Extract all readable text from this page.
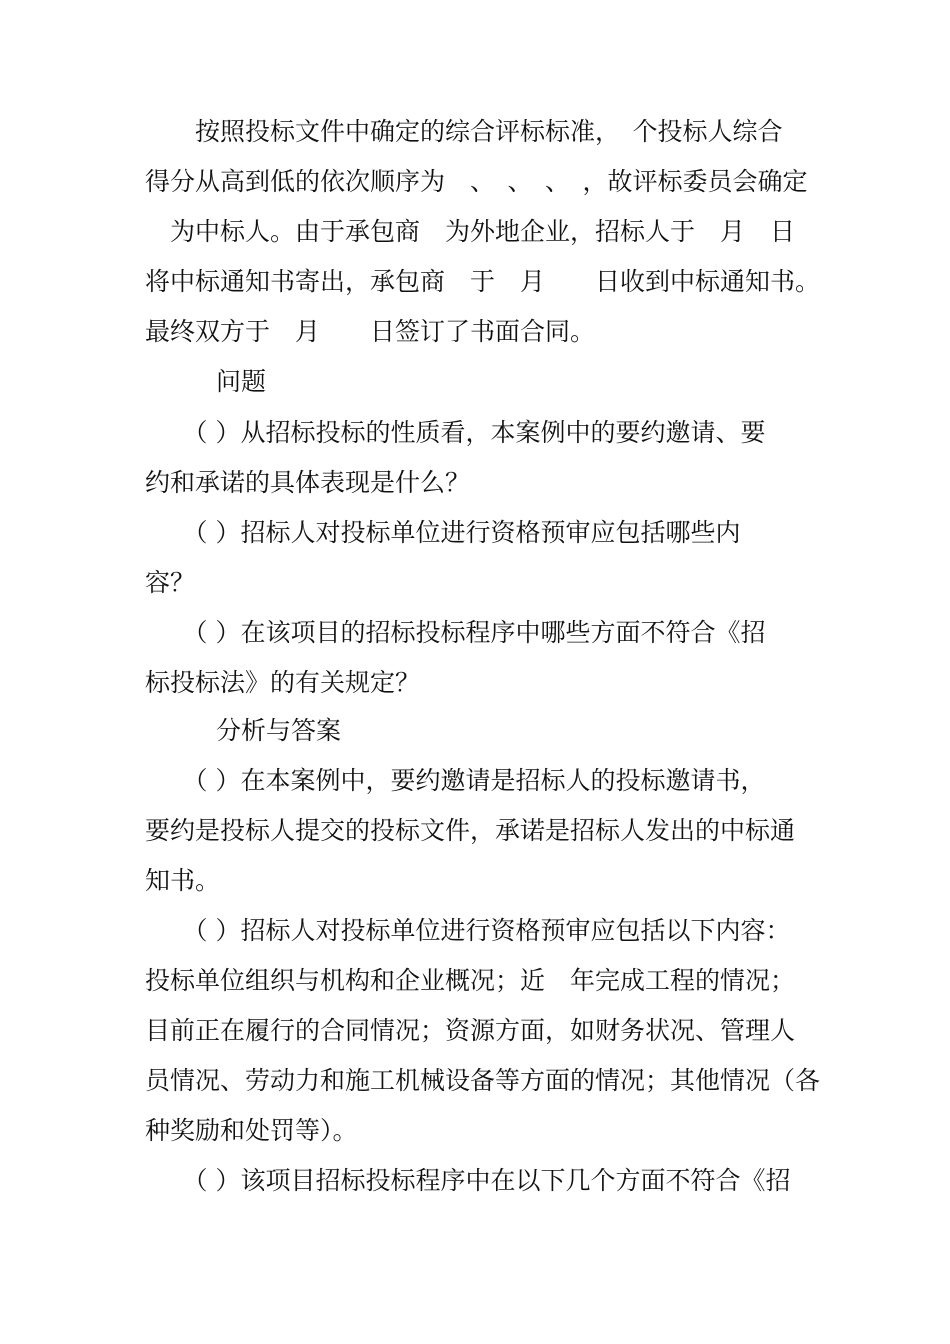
　　按照投标文件中确定的综合评标标准，　个投标人综合
得分从高到低的依次顺序为　、　、　、　，故评标委员会确定
　为中标人。由于承包商　为外地企业，招标人于　月　日
将中标通知书寄出，承包商　于　月　　日收到中标通知书。
最终双方于　月　　日签订了书面合同。
问题
　　（ ）从招标投标的性质看，本案例中的要约邀请、要
约和承诺的具体表现是什么？
　　（ ）招标人对投标单位进行资格预审应包括哪些内
容？
　　（ ）在该项目的招标投标程序中哪些方面不符合《招
标投标法》的有关规定？
分析与答案
　　（ ）在本案例中，要约邀请是招标人的投标邀请书，
要约是投标人提交的投标文件，承诺是招标人发出的中标通
知书。
　　（ ）招标人对投标单位进行资格预审应包括以下内容：
投标单位组织与机构和企业概况；近　年完成工程的情况；
目前正在履行的合同情况；资源方面，如财务状况、管理人
员情况、劳动力和施工机械设备等方面的情况；其他情况（各
种奖励和处罚等）。
　　（ ）该项目招标投标程序中在以下几个方面不符合《招
